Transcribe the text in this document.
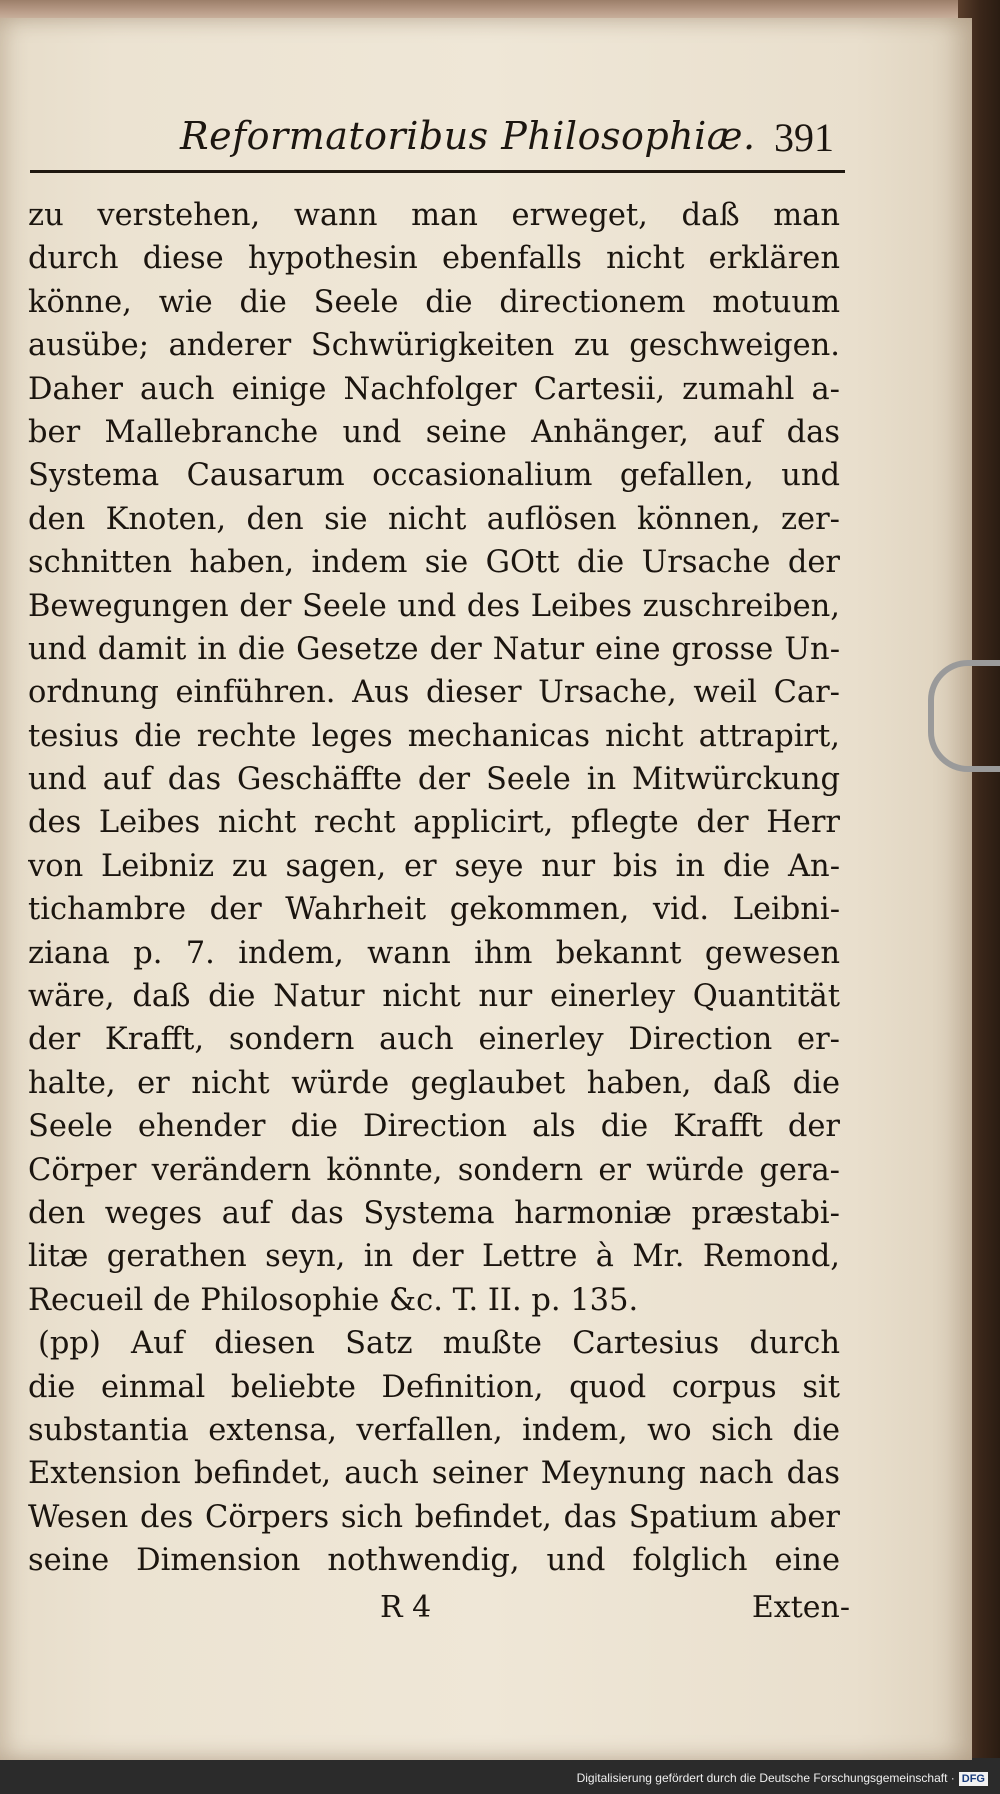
Digitalisierung gefördert durch die Deutsche Forschungsgemeinschaft · DFG
Reformatoribus Philosophiæ. 391
zu verstehen, wann man erweget, daß man
durch diese hypothesin ebenfalls nicht erklären
könne, wie die Seele die directionem motuum
ausübe; anderer Schwürigkeiten zu geschweigen.
Daher auch einige Nachfolger Cartesii, zumahl a-
ber Mallebranche und seine Anhänger, auf das
Systema Causarum occasionalium gefallen, und
den Knoten, den sie nicht auflösen können, zer-
schnitten haben, indem sie GOtt die Ursache der
Bewegungen der Seele und des Leibes zuschreiben,
und damit in die Gesetze der Natur eine grosse Un-
ordnung einführen. Aus dieser Ursache, weil Car-
tesius die rechte leges mechanicas nicht attrapirt,
und auf das Geschäffte der Seele in Mitwürckung
des Leibes nicht recht applicirt, pflegte der Herr
von Leibniz zu sagen, er seye nur bis in die An-
tichambre der Wahrheit gekommen, vid. Leibni-
ziana p. 7. indem, wann ihm bekannt gewesen
wäre, daß die Natur nicht nur einerley Quantität
der Krafft, sondern auch einerley Direction er-
halte, er nicht würde geglaubet haben, daß die
Seele ehender die Direction als die Krafft der
Cörper verändern könnte, sondern er würde gera-
den weges auf das Systema harmoniæ præstabi-
litæ gerathen seyn, in der Lettre à Mr. Remond,
Recueil de Philosophie &c. T. II. p. 135.
(pp) Auf diesen Satz mußte Cartesius durch
die einmal beliebte Definition, quod corpus sit
substantia extensa, verfallen, indem, wo sich die
Extension befindet, auch seiner Meynung nach das
Wesen des Cörpers sich befindet, das Spatium aber
seine Dimension nothwendig, und folglich eine
R 4	Exten-
